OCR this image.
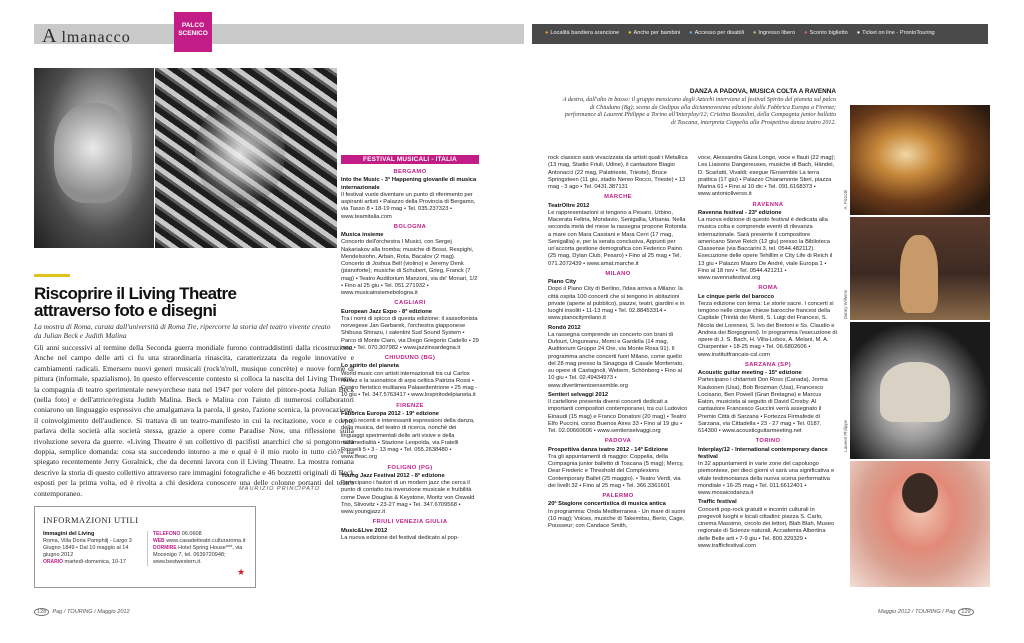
A lmanacco
PALCO
SCENICO	● Località bandiera arancione ● Anche per bambini ● Accesso per disabili ● Ingresso libero ● Sconto biglietto ● Ticket on line - ProntoTouring
Riscoprire il Living Theatre
attraverso foto e disegni
La mostra di Roma, curata dall'università di Roma Tre, ripercorre la storia del teatro vivente creato da Julian Beck e Judith Malina
Gli anni successivi al termine della Seconda guerra mondiale furono contraddistinti dalla ricostruzione. Anche nel campo delle arti ci fu una straordinaria rinascita, caratterizzata da regole innovative e cambiamenti radicali. Emersero nuovi generi musicali (rock'n'roll, musique concrète) e nuove forme di pittura (informale, spazialismo). In questo effervescente contesto si colloca la nascita del Living Theatre, la compagnia di teatro sperimentale newyorchese nata nel 1947 per volere del pittore-poeta Julian Beck (nella foto) e dell'attrice/regista Judith Malina. Beck e Malina con l'aiuto di numerosi collaboratori coniarono un linguaggio espressivo che amalgamava la parola, il gesto, l'azione scenica, la provocazione, il coinvolgimento dell'audience. Si trattava di un teatro-manifesto in cui la recitazione, voce e corpo, parlava della società alla società stessa, grazie a opere come Paradise Now, una riflessione sulla rivoluzione severa da guerre. «Living Theatre è un collettivo di pacifisti anarchici che si pongono una doppia, semplice domanda: cosa sta succedendo intorno a me e qual è il mio ruolo in tutto ciò?» ha spiegato recentemente Jerry Goralnick, che da decenni lavora con il Living Theatre. La mostra romana descrive la storia di questo collettivo attraverso rare immagini fotografiche e 46 bozzetti originali di Beck esposti per la prima volta, ed è rivolta a chi desidera conoscere una delle colonne portanti del teatro contemporaneo.	MAURIZIO PRINCIPATO
INFORMAZIONI UTILI
Immagini del Living
Roma, Villa Doria Pamphilj - Largo 3 Giugno 1849 • Dal 10 maggio al 14 giugno 2012
ORARIO martedì-domenica, 10-17
TELEFONO 06.0608
WEB www.casadeiteatri.culturaroma.it
DORMIRE Hotel Spring House***, via Mocenigo 7, tel. 0639720948; www.bestwestern.it.
★
128 Pag / TOURING / Maggio 2012
DANZA A PADOVA, MUSICA COLTA A RAVENNA
A destra, dall'alto in basso: il gruppo messicano degli Aztechi interviene al festival Spirito del pianeta sul palco di Chiuduno (Bg); scena da Oedipus alla diciannovesima edizione della Fabbrica Europa a Firenze; performance di Laurent Philippe a Torino all'Interplay/12; Cristina Bozzolini, della Compagnia junior balletto di Toscana, interpreta Coppelia alla Prospettiva danza teatro 2012.
FESTIVAL MUSICALI - ITALIA
BERGAMO
Into the Music - 3° Happening giovanile di musica internazionale
Il festival vuole diventare un punto di riferimento per aspiranti artisti • Palazzo della Provincia di Bergamo, via Tasso 8 • 18-19 mag • Tel. 035.237323 • www.teamitalia.com
BOLOGNA
Musica insieme
Concerto dell'orchestra I Musici, con Sergej Nakariakov alla tromba; musiche di Bossi, Respighi, Mendelssohn, Arban, Rota, Bacalov (2 mag). Concerto di Joshua Bell (violino) e Jeremy Denk (pianoforte); musiche di Schubert, Grieg, Franck (7 mag) • Teatro Auditorium Manzoni, via de' Monari, 1/2 • Fino al 25 giu • Tel. 051.271932 • www.musicainsiemebologna.it
CAGLIARI
European Jazz Expo - 8ª edizione
Tra i nomi di spicco di questa edizione: il sassofonista norvegese Jan Garbarek, l'orchestra giapponese Shibusa Shirazu, i salentini Sud Sound System • Parco di Monte Claro, via Diego Gregorio Cadello • 29 mag • Tel. 070.307982 • www.jazzinsardegna.it
CHIUDUNO (BG)
Lo spirito del pianeta
World music con artisti internazionali tra cui Carlos Nunez e la suonatrice di arpa celtica Patrizia Rossi • Centro fieristico multiarea Palasettentrione • 25 mag - 10 giu • Tel. 347.5763417 • www.lospiritodelpianeta.it
FIRENZE
Fabbrica Europa 2012 - 19ª edizione
Le più recenti e interessanti espressioni della danza, della musica, del teatro di ricerca, nonché dei linguaggi sperimentali delle arti visive e della multimedialità • Stazione Leopolda, via Fratelli Rosselli 5 • 3 - 13 mag • Tel. 055.2638480 • www.ffeac.org
FOLIGNO (PG)
Young Jazz Festival 2012 - 8ª edizione
Partecipano i fautori di un modern jazz che cerca il punto di contatto tra invenzione musicale e fruibilità come Dave Douglas & Keystone, Moritz von Oswald Trio, Slivovitz • 23-27 mag • Tel. 347.6709568 • www.youngjazz.it
FRIULI VENEZIA GIULIA
Music&Live 2012
La nuova edizione del festival dedicato al pop-
rock classico sarà vivacizzata da artisti quali i Metallica (13 mag, Stadio Friuli, Udine), il cantautore Biagio Antonacci (22 mag, Palatrieste, Trieste), Bruce Springsteen (11 giu, stadio Nereo Rocco, Trieste) • 13 mag - 3 ago • Tel. 0431.387131
MARCHE
TeatrOltre 2012
Le rappresentazioni si tengono a Pesaro, Urbino, Macerata Feltria, Mondavio, Senigallia, Urbania. Nella seconda metà del mese la rassegna propone Rotonda a mare con Mara Cassiani e Mara Cerri (17 mag, Senigallia) e, per la serata conclusiva, Appunti per un'accorta gestione demografica con Federico Paino (25 mag, Dylan Club, Pesaro) • Fino al 25 mag • Tel. 071.2072439 • www.amat.marche.it
MILANO
Piano City
Dopo il Piano City di Berlino, l'idea arriva a Milano: la città ospita 100 concerti che si tengono in abitazioni private (aperte al pubblico), piazze, teatri, giardini e in luoghi insoliti • 11-13 mag • Tel. 02.88453314 • www.pianocitymilano.it
Rondò 2012
La rassegna comprende un concerto con brani di Dufourt, Ungureanu, Momi e Gardella (14 mag, Auditorium Gruppo 24 Ore, via Monte Rosa 91). Il programma anche concerti fuori Milano, come quello del 28 mag presso la Sinagoga di Casale Monferrato, su opere di Castagnoli, Webern, Schönberg • Fino al 10 giu • Tel. 02.49434973 • www.divertimentoensemble.org
Sentieri selvaggi 2012
Il cartellone presenta diversi concerti dedicati a importanti compositori contemporanei, tra cui Ludovico Einaudi (15 mag) e Franco Donatoni (20 mag) • Teatro Elfo Puccini, corso Buenos Aires 33 • Fino al 19 giu • Tel. 02.00660606 • www.sentieriselvaggi.org
PADOVA
Prospettiva danza teatro 2012 - 14ª Edizione
Tra gli appuntamenti di maggio: Coppelia, della Compagnia junior balletto di Toscana (5 mag); Mercy, Dear Frederic e Threshold del Complexions Contemporary Ballet (25 maggio). • Teatro Verdi, via dei livelli 32 • Fino al 25 mag • Tel. 366.3361601
PALERMO
20ª Stagione concertistica di musica antica
In programma: Onda Mediterranea - Un mare di suoni (10 mag); Voices, musiche di Takemitsu, Berio, Cage, Pousseur; con Candace Smith,
voce, Alessandra Giura Longo, voce e flauti (22 mag); Les Liaisons Dangereuses, musiche di Bach, Händel, D. Scarlatti, Vivaldi; esegue l'Ensemble La terra prattica (17 giu) • Palazzo Chiaramonte Steri, piazza Marina 61 • Fino al 10 dic • Tel. 091.6168373 • www.antoniollverso.it
RAVENNA
Ravenna festival - 23ª edizione
La nuova edizione di questo festival è dedicata alla musica colta e comprende eventi di rilevanza internazionale. Sarà presente il compositore americano Steve Reich (12 giu) presso la Biblioteca Classense (via Baccarini 3, tel. 0544.482112). Esecuzione delle opere Tehillim e City Life di Reich il 13 giu • Palazzo Mauro De André, viale Europa 1 • Fino al 18 nov • Tel. 0544.421211 • www.ravennafestival.org
ROMA
Le cinque perle del barocco
Terza edizione con tema: Le storie sacre. I concerti si tengono nelle cinque chiese barocche francesi della Capitale (Trinità dei Monti, S. Luigi dei Francesi, S. Nicola dei Lorenesi, S. Ivo dei Bretoni e Ss. Claudio e Andrea dei Borgognoni). In programma l'esecuzione di opere di J. S. Bach, H. Villa-Lobos, A. Melani, M. A. Charpentier • 18-25 mag • Tel. 06.6802606 • www.institutfrancais-csl.com
SARZANA (SP)
Acoustic guitar meeting - 15ª edizione
Partecipano i chitarristi Don Ross (Canada), Jorma Kaukonen (Usa), Bob Brozman (Usa), Francesco Locisano, Ben Powell (Gran Bretagna) e Marcus Eaton, musicista al seguito di David Crosby. Al cantautore Francesco Guccini verrà assegnato il Premio Città di Sarzana • Fortezza Firmafede di Sarzana, via Cittadella • 23 - 27 mag • Tel. 0187. 614300 • www.acousticguitarmeeting.net
TORINO
Interplay/12 - International contemporary dance festival
In 32 appuntamenti in varie zone del capoluogo piemontese, per dieci giorni vi sarà una significativa e vitale testimonianza della nuova scena performativa mondiale • 16-25 mag • Tel. 011.6612401 • www.mosaicodanza.it
Traffic festival
Concerti pop-rock gratuiti e incontri culturali in pregevoli luoghi e locali cittadini: piazza S. Carlo, cinema Massimo, circolo dei lettori, Blah Blah, Museo regionale di Scienze naturali, Accademia Albertina delle Belle arti • 7-9 giu • Tel. 800.329329 • www.trafficfestival.com
A. Pizzotti
Danny Willems
Laurent Philippe
Maggio 2012 / TOURING / Pag 129
